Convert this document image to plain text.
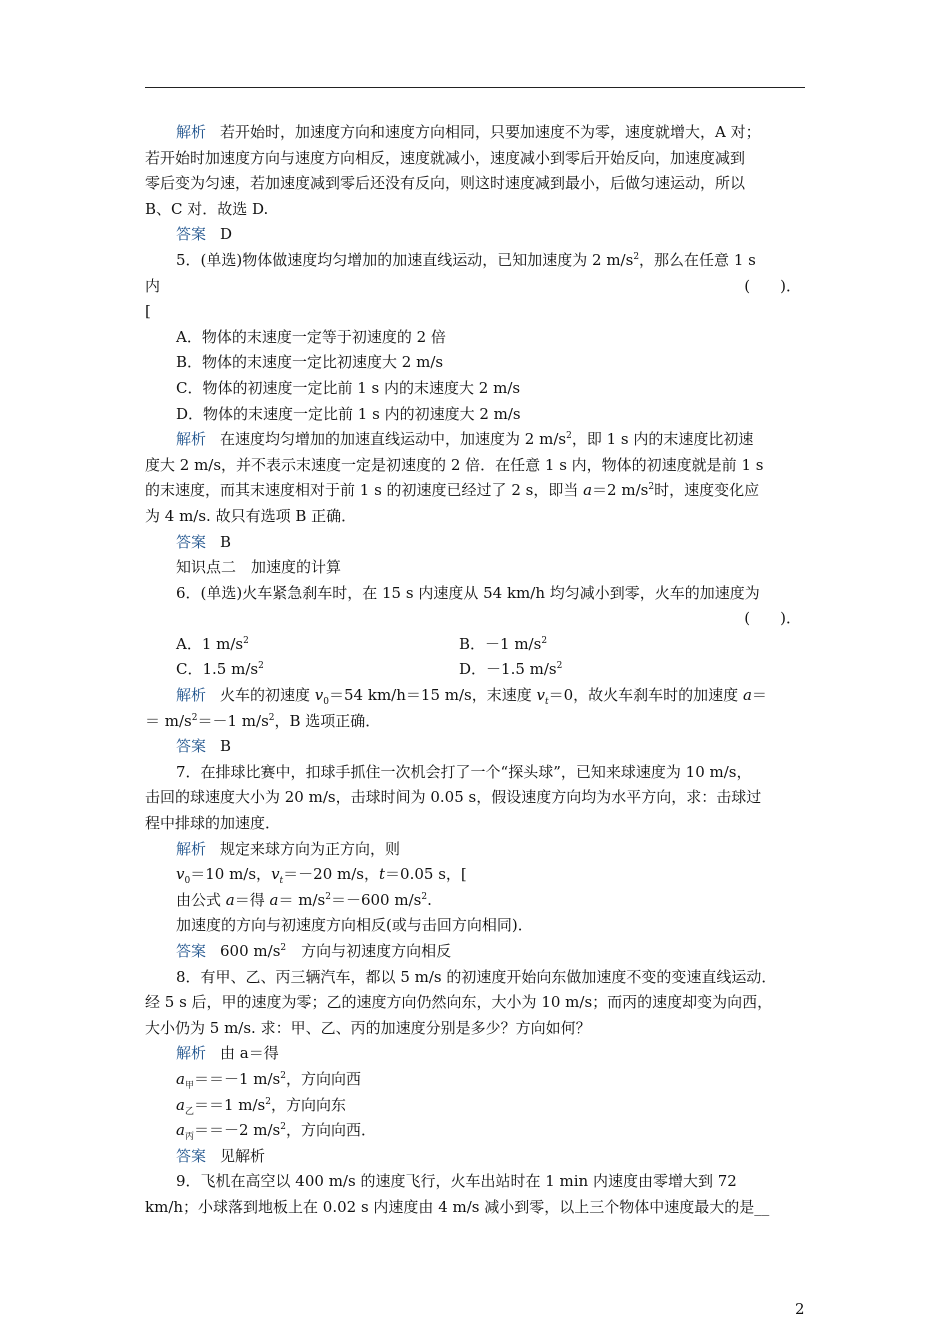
解析 若开始时，加速度方向和速度方向相同，只要加速度不为零，速度就增大，A 对；
若开始时加速度方向与速度方向相反，速度就减小，速度减小到零后开始反向，加速度减到
零后变为匀速，若加速度减到零后还没有反向，则这时速度减到最小，后做匀速运动，所以
B、C 对．故选 D.
答案 D
5．(单选)物体做速度均匀增加的加速直线运动，已知加速度为 2 $m/s^2$，那么在任意 1 s
内	(　　)．
[
A．物体的末速度一定等于初速度的 2 倍
B．物体的末速度一定比初速度大 2 m/s
C．物体的初速度一定比前 1 s 内的末速度大 2 m/s
D．物体的末速度一定比前 1 s 内的初速度大 2 m/s
解析 在速度均匀增加的加速直线运动中，加速度为 2 $m/s^2$，即 1 s 内的末速度比初速
度大 2 m/s，并不表示末速度一定是初速度的 2 倍．在任意 1 s 内，物体的初速度就是前 1 s
的末速度，而其末速度相对于前 1 s 的初速度已经过了 2 s，即当 a＝2 $m/s^2$时，速度变化应
为 4 m/s. 故只有选项 B 正确．
答案 B
知识点二　加速度的计算
6．(单选)火车紧急刹车时，在 15 s 内速度从 54 km/h 均匀减小到零，火车的加速度为
(　　)．
A．1 $m/s^2$	B．－1 $m/s^2$
C．1.5 $m/s^2$	D．－1.5 $m/s^2$
解析 火车的初速度 $v_0=54$ km/h＝15 m/s，末速度 $v_t=0$，故火车刹车时的加速度 a＝
＝ $m/s^2=-1$ $m/s^2$，B 选项正确．
答案 B
7．在排球比赛中，扣球手抓住一次机会打了一个“探头球”，已知来球速度为 10 m/s，
击回的球速度大小为 20 m/s，击球时间为 0.05 s，假设速度方向均为水平方向，求：击球过
程中排球的加速度．
解析 规定来球方向为正方向，则
$v_0=10$ m/s，$v_t=-20$ m/s，t＝0.05 s，[
由公式 a＝得 $a= m/s^2=-600$ $m/s^2$.
加速度的方向与初速度方向相反(或与击回方向相同)．
答案 600 $m/s^2$　方向与初速度方向相反
8．有甲、乙、丙三辆汽车，都以 5 m/s 的初速度开始向东做加速度不变的变速直线运动．
经 5 s 后，甲的速度为零；乙的速度方向仍然向东，大小为 10 m/s；而丙的速度却变为向西，
大小仍为 5 m/s. 求：甲、乙、丙的加速度分别是多少？方向如何？
解析 由 a＝得
$a_甲==-1$ $m/s^2$，方向向西
$a_乙==1$ $m/s^2$，方向向东
$a_丙==-2$ $m/s^2$，方向向西．
答案 见解析
9．飞机在高空以 400 m/s 的速度飞行，火车出站时在 1 min 内速度由零增大到 72
km/h；小球落到地板上在 0.02 s 内速度由 4 m/s 减小到零，以上三个物体中速度最大的是__
2
